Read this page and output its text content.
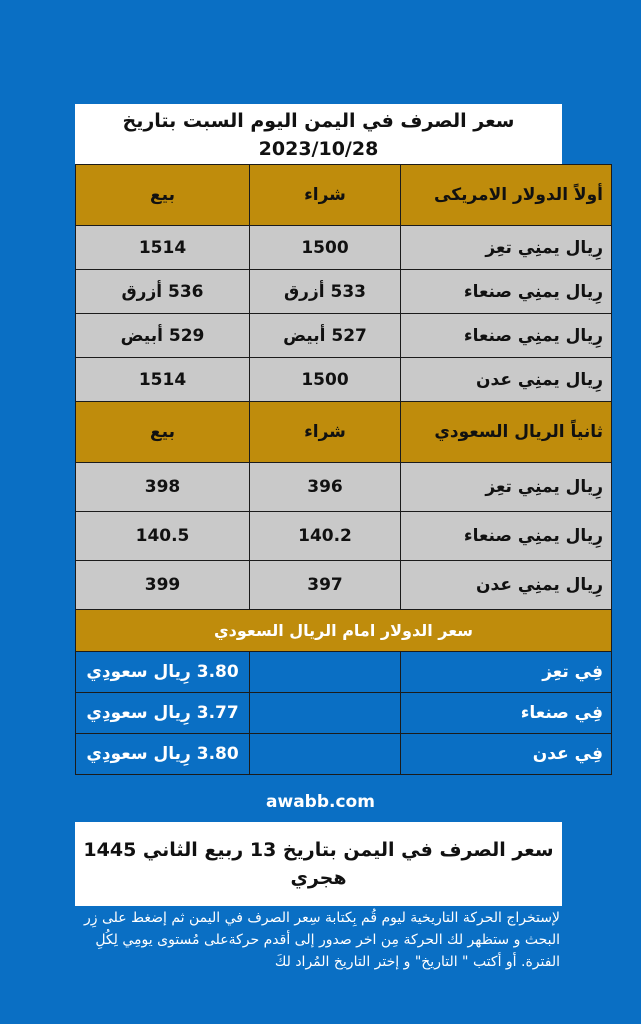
سعر الصرف في اليمن اليوم السبت بتاريخ
2023/10/28
بيع	شراء	أولاً الدولار الامريكى
1514	1500	رِيال يمنِي تعِز
536 أزرق	533 أزرق	رِيال يمنِي صنعاء
529 أبيض	527 أبيض	رِيال يمنِي صنعاء
1514	1500	رِيال يمنِي عدن
بيع	شراء	ثانياً الريال السعودي
398	396	رِيال يمنِي تعِز
140.5	140.2	رِيال يمنِي صنعاء
399	397	رِيال يمنِي عدن
سعر الدولار امام الريال السعودي		
3.80 رِيال سعودِي		فِي تعِز
3.77 رِيال سعودِي		فِي صنعاء
3.80 رِيال سعودِي		فِي عدن
awabb.com
سعر الصرف في اليمن بتاريخ 13 ربيع الثاني 1445 هجري
لإستخراج الحركة التاريخية ليوم قُم بِكتابة سِعر الصرف في اليمن ثم إضغط على زِر البحث و ستظهر لك الحركة مِن اخر صدور إلى أقدم حركةعلى مُستوى يومِي لِكُلِ الفترة. أو أكتب " التاريخ" و إختر التاريخ المُراد لكَ
